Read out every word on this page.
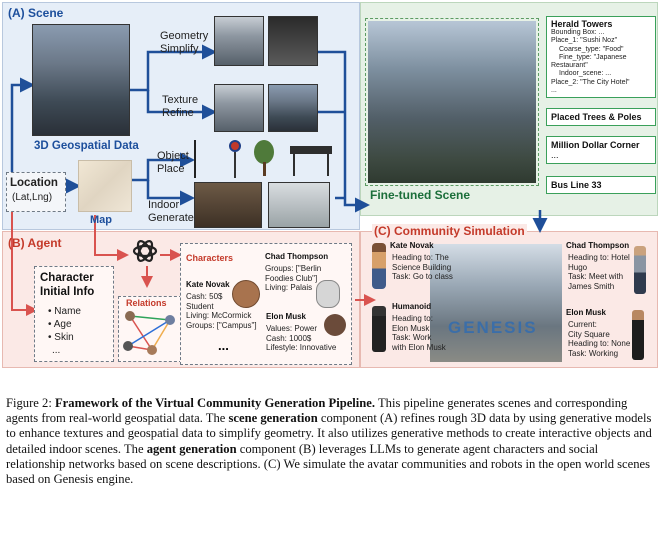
(A) Scene
3D Geospatial Data
Geometry
Simplify
Texture
Refine
Object
Place
Indoor
Generate
Location
(Lat,Lng)
Map
Fine-tuned Scene
Herald Towers
Bounding Box: ...
Place_1: "Sushi Noz"
Coarse_type: "Food"
Fine_type: "Japanese
Restaurant"
Indoor_scene: ...
Place_2: "The City Hotel"
...
Placed Trees & Poles
Million Dollar Corner
...
Bus Line 33
(B) Agent
Character
Initial Info
• Name
• Age
• Skin
...
Relations
Characters
Kate Novak
Cash: 50$
Student
Living: McCormick
Groups: ["Campus"]
Chad Thompson
Groups: ["Berlin
Foodies Club"]
Living: Palais
Elon Musk
Values: Power
Cash: 1000$
Lifestyle: Innovative
...
(C) Community Simulation
GENESIS
Kate Novak
Heading to: The
Science Building
Task: Go to class
Humanoid
Heading to:
Elon Musk
Task: Work
with Elon Musk
Chad Thompson
Heading to: Hotel
Hugo
Task: Meet with
James Smith
Elon Musk
Current:
City Square
Heading to: None
Task: Working
Figure 2: Framework of the Virtual Community Generation Pipeline. This pipeline generates scenes and corresponding agents from real-world geospatial data. The scene generation component (A) refines rough 3D data by using generative models to enhance textures and geospatial data to simplify geometry. It also utilizes generative methods to create interactive objects and detailed indoor scenes. The agent generation component (B) leverages LLMs to generate agent characters and social relationship networks based on scene descriptions. (C) We simulate the avatar communities and robots in the open world scenes based on Genesis engine.
